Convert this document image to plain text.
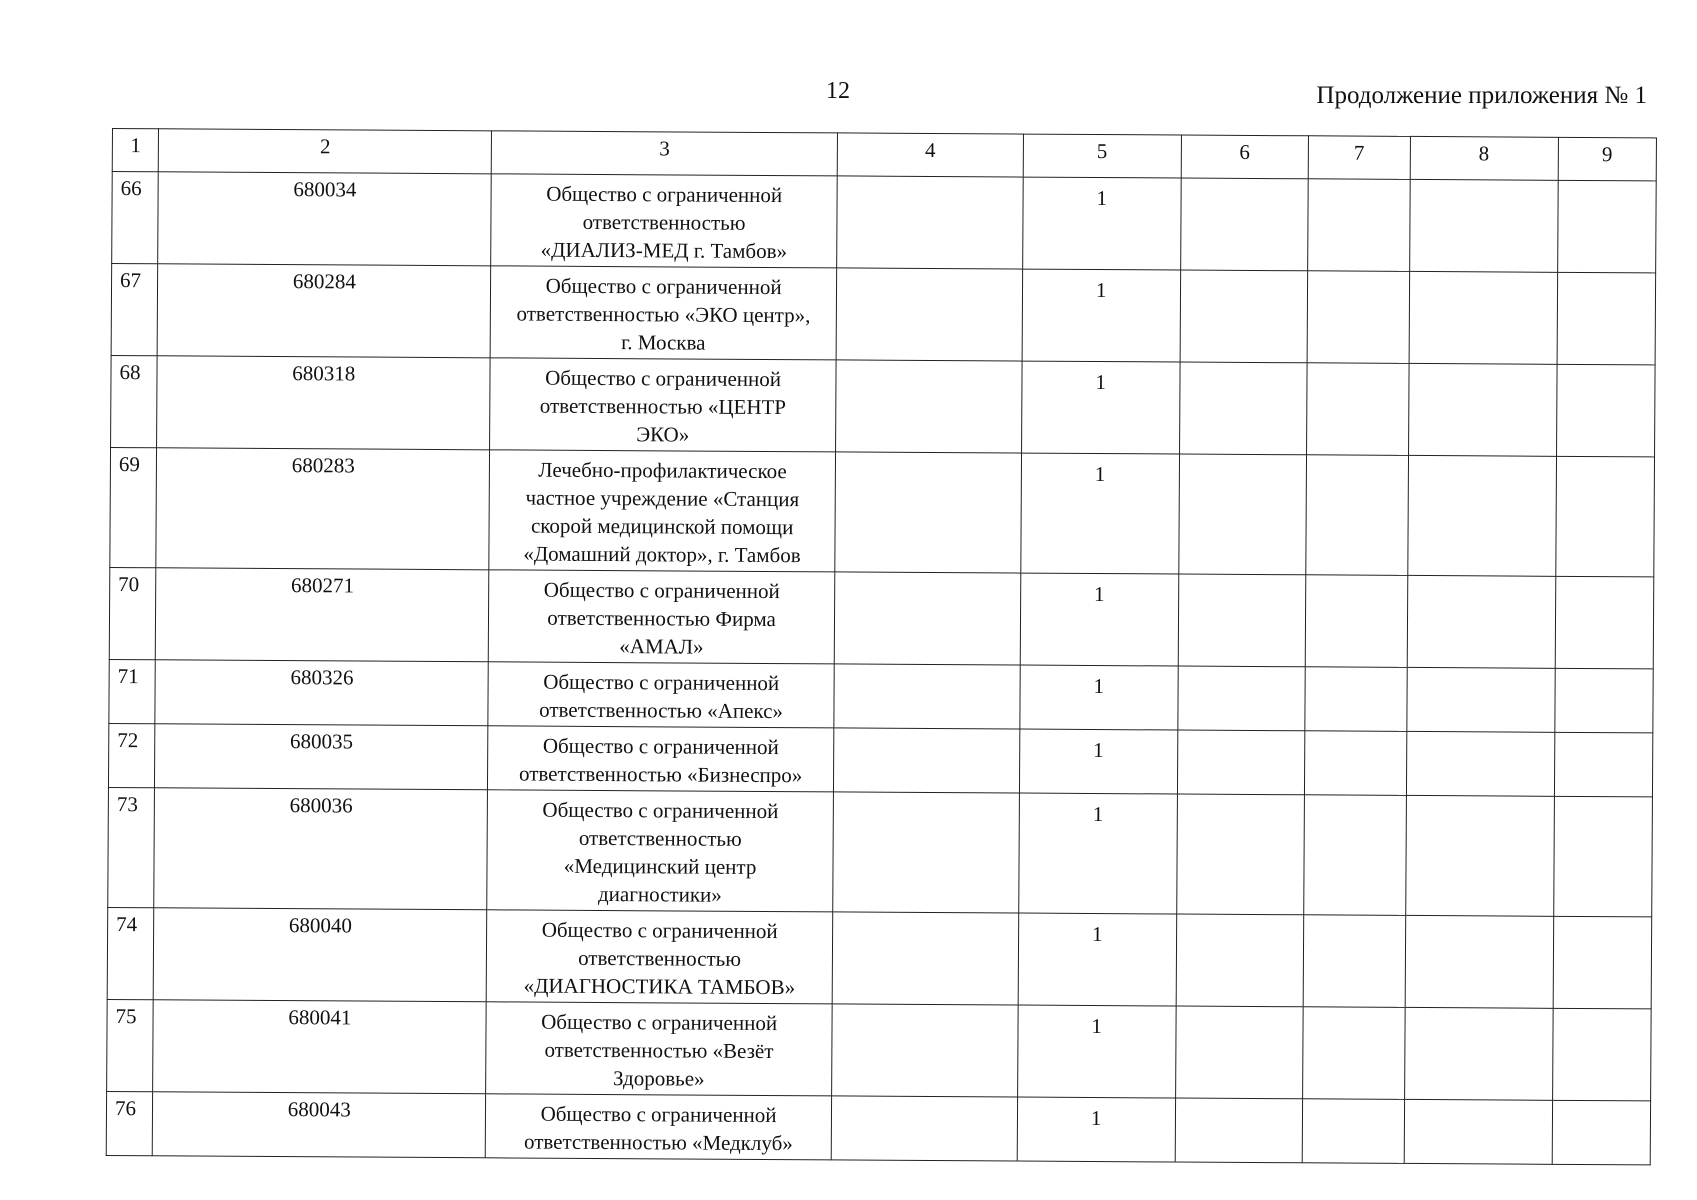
12	Продолжение приложения № 1
1	2	3	4	5	6	7	8	9
66	680034	Общество с ограниченной
ответственностью
«ДИАЛИЗ-МЕД г. Тамбов»		1				
67	680284	Общество с ограниченной
ответственностью «ЭКО центр»,
г. Москва		1				
68	680318	Общество с ограниченной
ответственностью «ЦЕНТР
ЭКО»		1				
69	680283	Лечебно-профилактическое
частное учреждение «Станция
скорой медицинской помощи
«Домашний доктор», г. Тамбов		1				
70	680271	Общество с ограниченной
ответственностью Фирма
«АМАЛ»		1				
71	680326	Общество с ограниченной
ответственностью «Апекс»		1				
72	680035	Общество с ограниченной
ответственностью «Бизнеспро»		1				
73	680036	Общество с ограниченной
ответственностью
«Медицинский центр
диагностики»		1				
74	680040	Общество с ограниченной
ответственностью
«ДИАГНОСТИКА ТАМБОВ»		1				
75	680041	Общество с ограниченной
ответственностью «Везёт
Здоровье»		1				
76	680043	Общество с ограниченной
ответственностью «Медклуб»		1				
